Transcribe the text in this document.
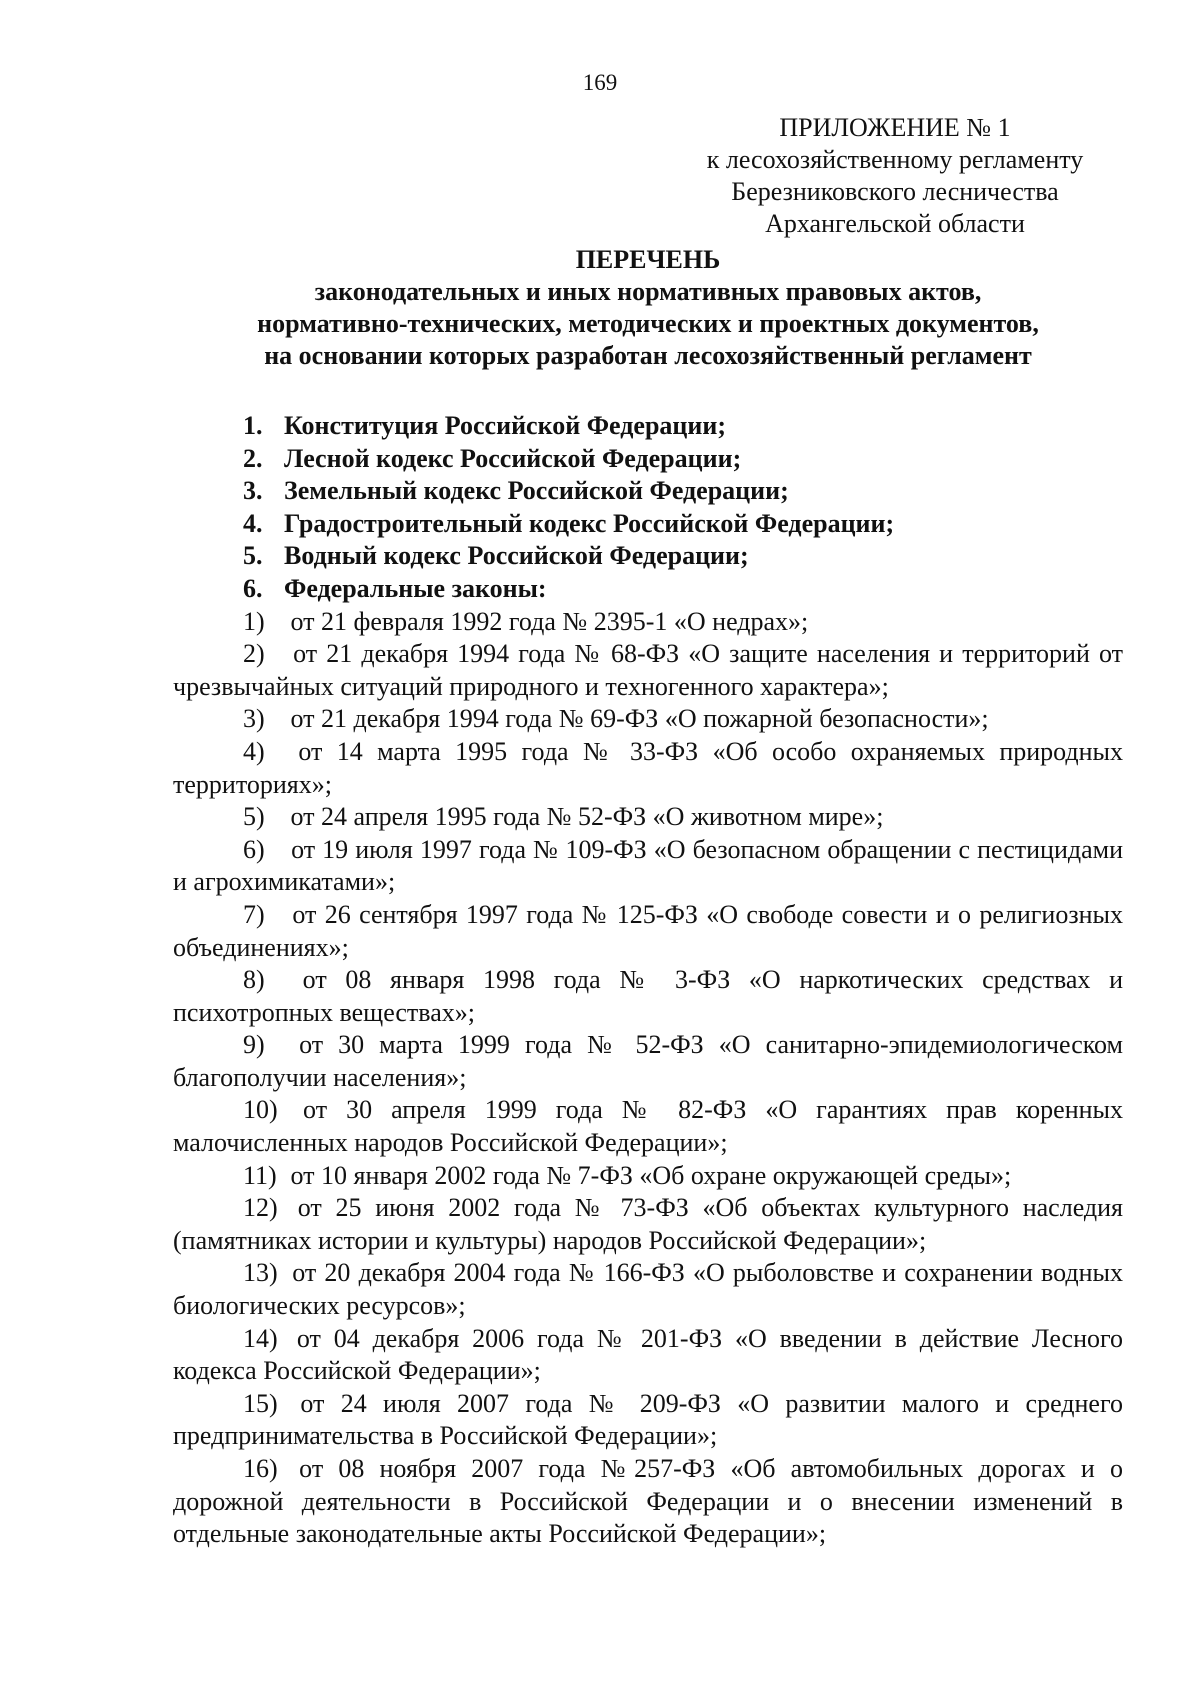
169
ПРИЛОЖЕНИЕ № 1
к лесохозяйственному регламенту
Березниковского лесничества
Архангельской области
ПЕРЕЧЕНЬ
законодательных и иных нормативных правовых актов,
нормативно-технических, методических и проектных документов,
на основании которых разработан лесохозяйственный регламент
1. Конституция Российской Федерации;
2. Лесной кодекс Российской Федерации;
3. Земельный кодекс Российской Федерации;
4. Градостроительный кодекс Российской Федерации;
5. Водный кодекс Российской Федерации;
6. Федеральные законы:
1) от 21 февраля 1992 года № 2395-1 «О недрах»;
2) от 21 декабря 1994 года № 68-ФЗ «О защите населения и территорий от чрезвычайных ситуаций природного и техногенного характера»;
3) от 21 декабря 1994 года № 69-ФЗ «О пожарной безопасности»;
4) от 14 марта 1995 года № 33-ФЗ «Об особо охраняемых природных территориях»;
5) от 24 апреля 1995 года № 52-ФЗ «О животном мире»;
6) от 19 июля 1997 года № 109-ФЗ «О безопасном обращении с пестицидами и агрохимикатами»;
7) от 26 сентября 1997 года № 125-ФЗ «О свободе совести и о религиозных объединениях»;
8) от 08 января 1998 года № 3-ФЗ «О наркотических средствах и психотропных веществах»;
9) от 30 марта 1999 года № 52-ФЗ «О санитарно-эпидемиологическом благополучии населения»;
10) от 30 апреля 1999 года № 82-ФЗ «О гарантиях прав коренных малочисленных народов Российской Федерации»;
11) от 10 января 2002 года № 7-ФЗ «Об охране окружающей среды»;
12) от 25 июня 2002 года № 73-ФЗ «Об объектах культурного наследия (памятниках истории и культуры) народов Российской Федерации»;
13) от 20 декабря 2004 года № 166-ФЗ «О рыболовстве и сохранении водных биологических ресурсов»;
14) от 04 декабря 2006 года № 201-ФЗ «О введении в действие Лесного кодекса Российской Федерации»;
15) от 24 июля 2007 года № 209-ФЗ «О развитии малого и среднего предпринимательства в Российской Федерации»;
16) от 08 ноября 2007 года №257-ФЗ «Об автомобильных дорогах и о дорожной деятельности в Российской Федерации и о внесении изменений в отдельные законодательные акты Российской Федерации»;
